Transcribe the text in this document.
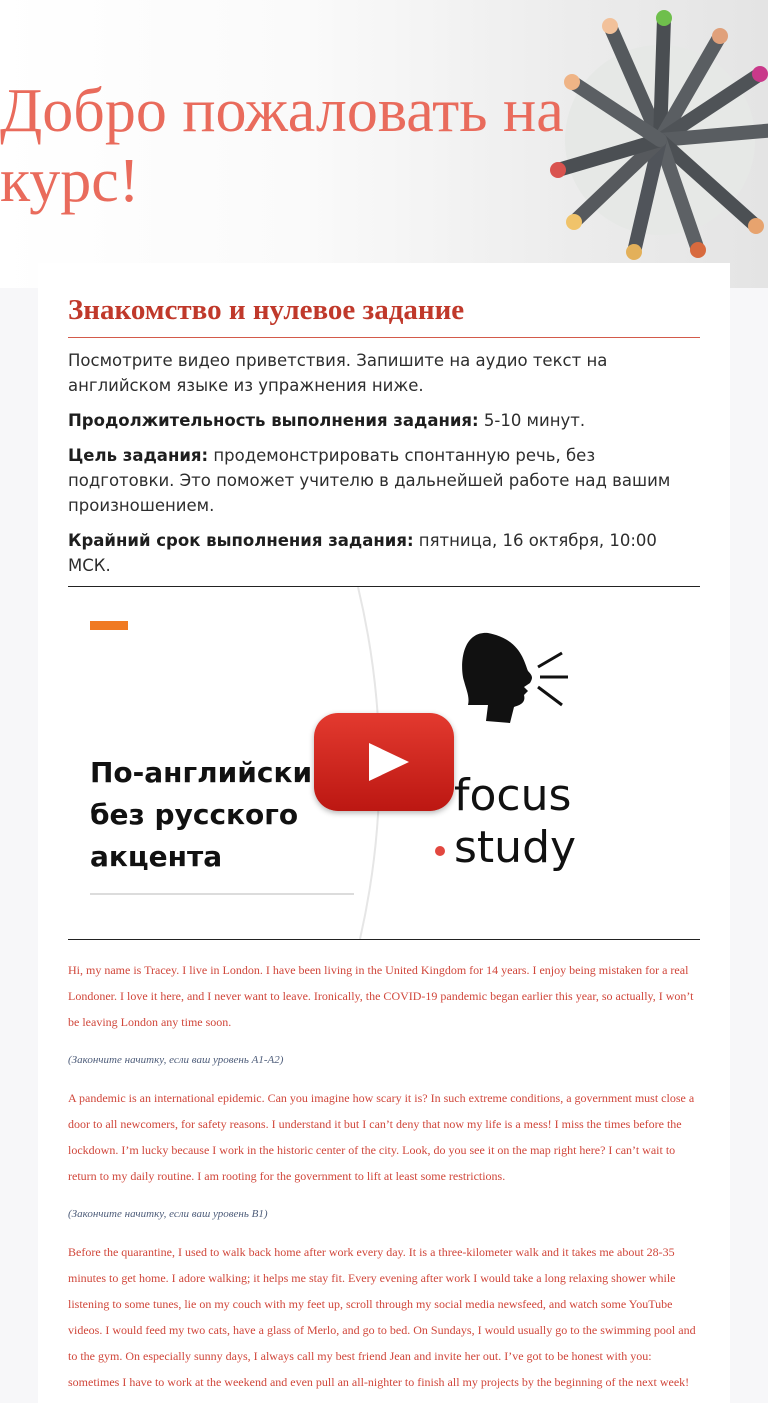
Добро пожаловать на
курс!
Знакомство и нулевое задание

Посмотрите видео приветствия. Запишите на аудио текст на английском языке из упражнения ниже.

Продолжительность выполнения задания: 5-10 минут.

Цель задания: продемонстрировать спонтанную речь, без подготовки. Это поможет учителю в дальнейшей работе над вашим произношением.

Крайний срок выполнения задания: пятница, 16 октября, 10:00 МСК.

По-английски

без русского

акцента

focus
study

Hi, my name is Tracey. I live in London. I have been living in the United Kingdom for 14 years. I enjoy being mistaken for a real Londoner. I love it here, and I never want to leave. Ironically, the COVID-19 pandemic began earlier this year, so actually, I won’t be leaving London any time soon.

(Закончите начитку, если ваш уровень А1-А2)

A pandemic is an international epidemic. Can you imagine how scary it is? In such extreme conditions, a government must close a door to all newcomers, for safety reasons. I understand it but I can’t deny that now my life is a mess! I miss the times before the lockdown. I’m lucky because I work in the historic center of the city. Look, do you see it on the map right here? I can’t wait to return to my daily routine. I am rooting for the government to lift at least some restrictions.

(Закончите начитку, если ваш уровень В1)

Before the quarantine, I used to walk back home after work every day. It is a three-kilometer walk and it takes me about 28-35 minutes to get home. I adore walking; it helps me stay fit. Every evening after work I would take a long relaxing shower while listening to some tunes, lie on my couch with my feet up, scroll through my social media newsfeed, and watch some YouTube videos. I would feed my two cats, have a glass of Merlo, and go to bed. On Sundays, I would usually go to the swimming pool and to the gym. On especially sunny days, I always call my best friend Jean and invite her out. I’ve got to be honest with you: sometimes I have to work at the weekend and even pull an all-nighter to finish all my projects by the beginning of the next week!
